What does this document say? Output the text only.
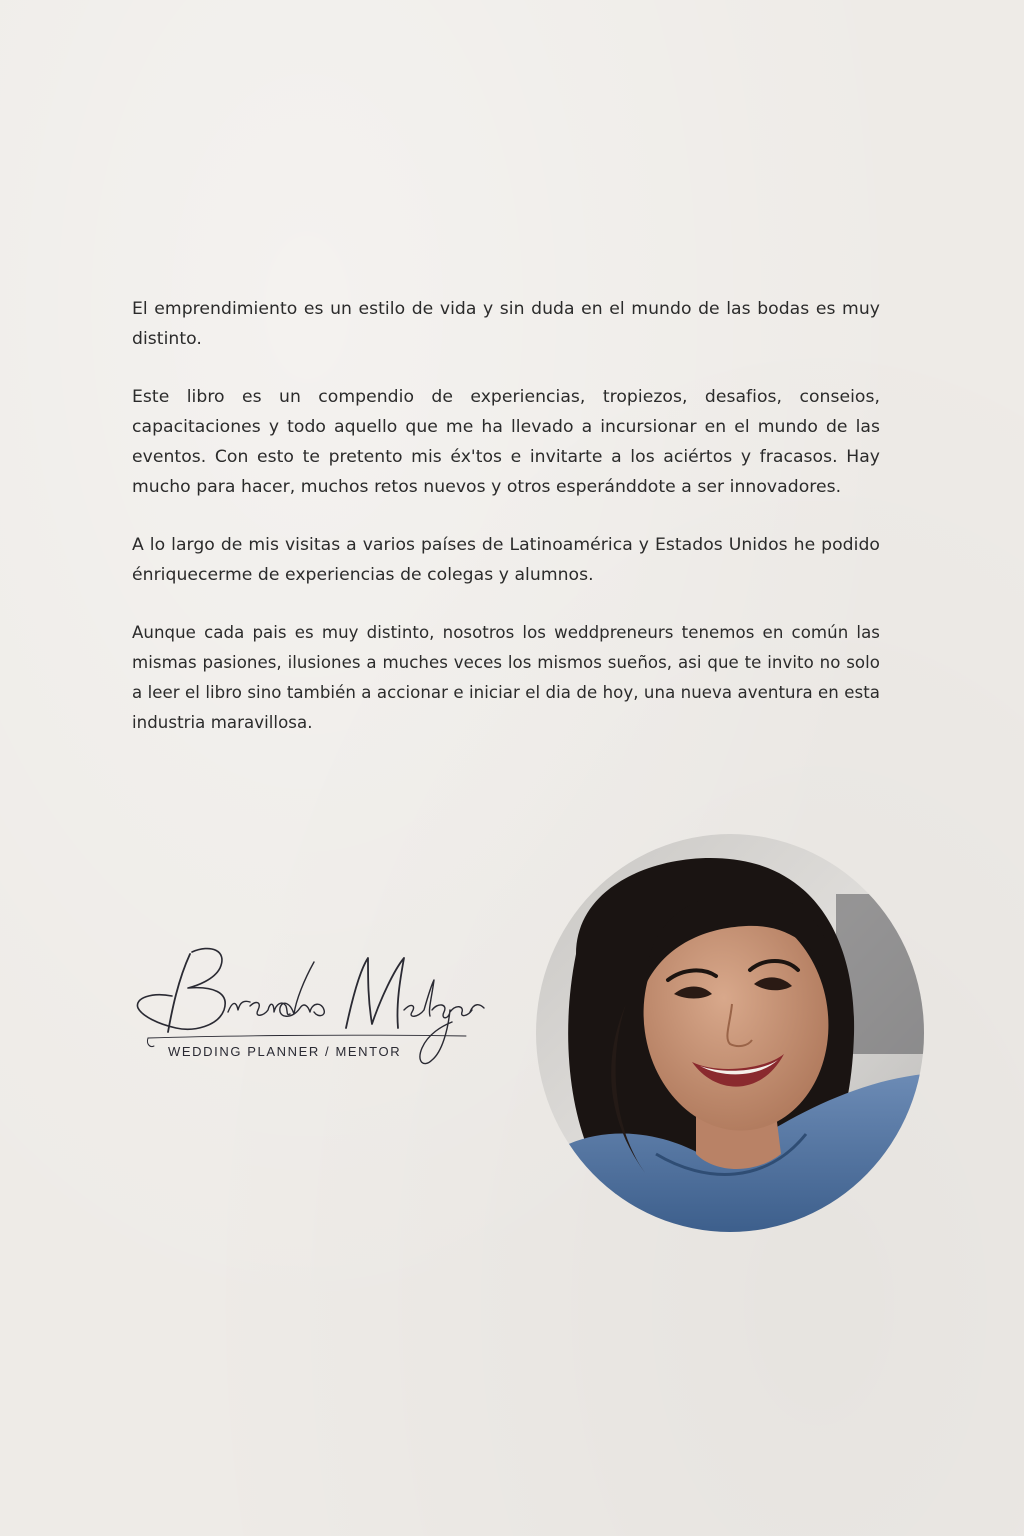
El emprendimiento es un estilo de vida y sin duda en el mundo de las bodas es muy distinto.

Este libro es un compendio de experiencias, tropiezos, desafios, conseios, capacitaciones y todo aquello que me ha llevado a incursionar en el mundo de las eventos. Con esto te pretento mis éx'tos e invitarte a los aciértos y fracasos. Hay mucho para hacer, muchos retos nuevos y otros esperánddote a ser innovadores.

A lo largo de mis visitas a varios países de Latinoamérica y Estados Unidos he podido énriquecerme de experiencias de colegas y alumnos.

Aunque cada pais es muy distinto, nosotros los weddpreneurs tenemos en común las mismas pasiones, ilusiones a muches veces los mismos sueños, asi que te invito no solo a leer el libro sino también a accionar e iniciar el dia de hoy, una nueva aventura en esta industria maravillosa.

WEDDING PLANNER / MENTOR
